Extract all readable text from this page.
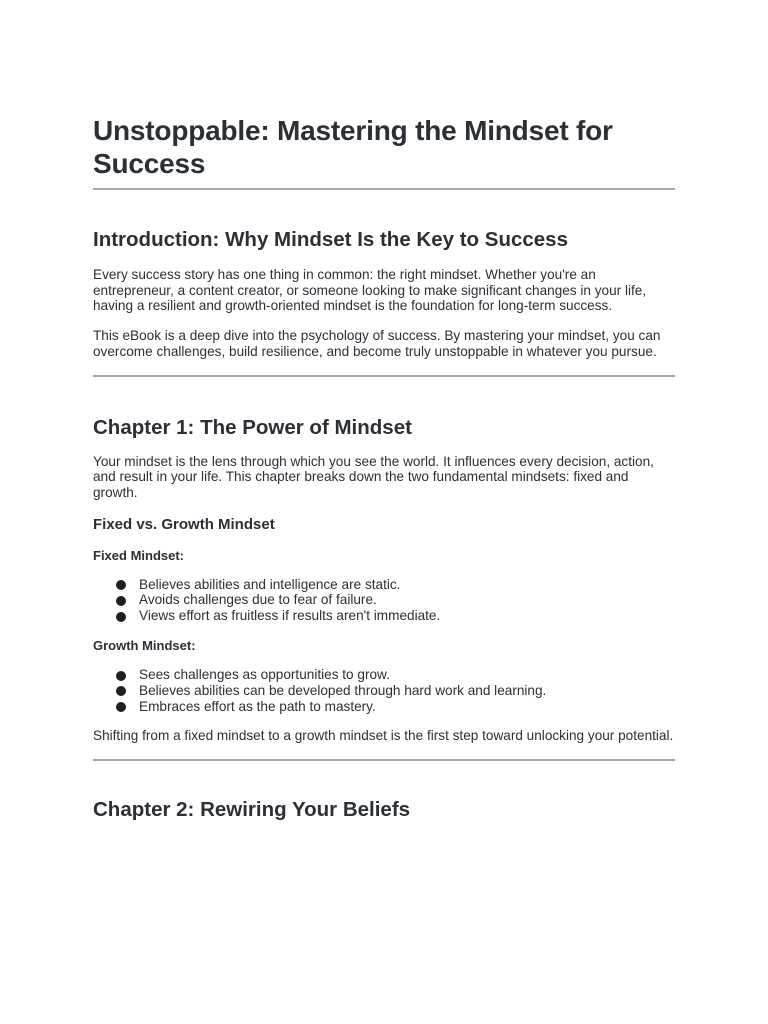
Unstoppable: Mastering the Mindset for Success
Introduction: Why Mindset Is the Key to Success

Every success story has one thing in common: the right mindset. Whether you're an entrepreneur, a content creator, or someone looking to make significant changes in your life, having a resilient and growth-oriented mindset is the foundation for long-term success.

This eBook is a deep dive into the psychology of success. By mastering your mindset, you can overcome challenges, build resilience, and become truly unstoppable in whatever you pursue.

Chapter 1: The Power of Mindset

Your mindset is the lens through which you see the world. It influences every decision, action, and result in your life. This chapter breaks down the two fundamental mindsets: fixed and growth.

Fixed vs. Growth Mindset
Fixed Mindset:
Believes abilities and intelligence are static.
Avoids challenges due to fear of failure.
Views effort as fruitless if results aren't immediate.
Growth Mindset:
Sees challenges as opportunities to grow.
Believes abilities can be developed through hard work and learning.
Embraces effort as the path to mastery.

Shifting from a fixed mindset to a growth mindset is the first step toward unlocking your potential.

Chapter 2: Rewiring Your Beliefs
